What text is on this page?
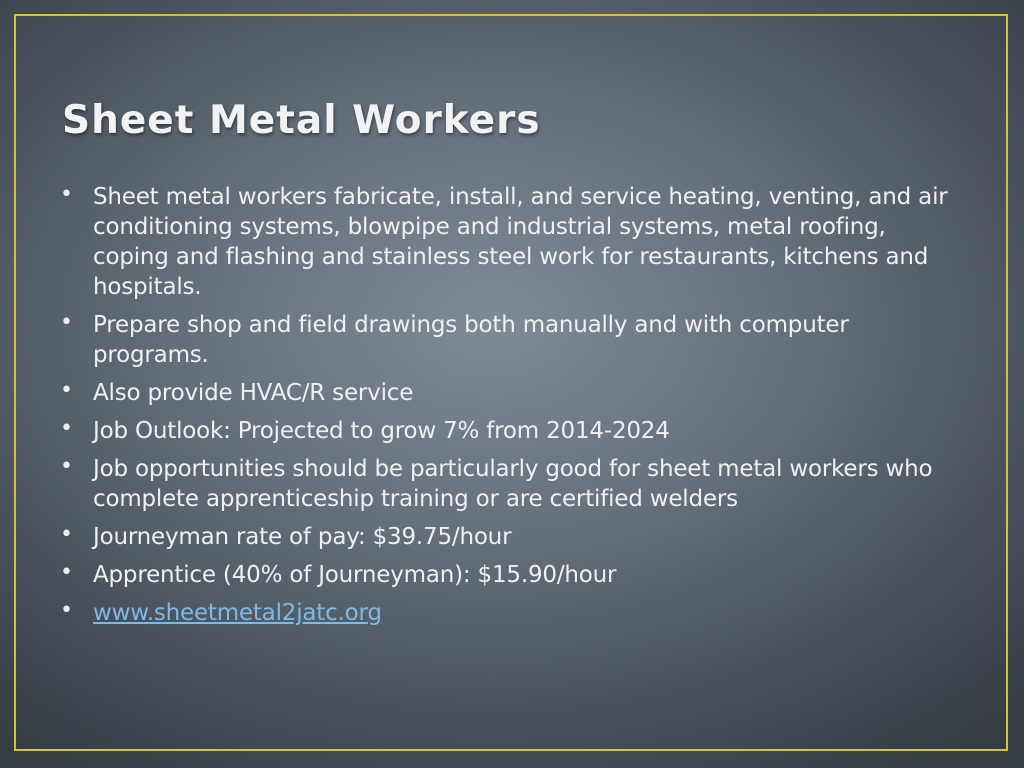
Sheet Metal Workers
• Sheet metal workers fabricate, install, and service heating, venting, and air conditioning systems, blowpipe and industrial systems, metal roofing, coping and flashing and stainless steel work for restaurants, kitchens and hospitals.
• Prepare shop and field drawings both manually and with computer programs.
• Also provide HVAC/R service
• Job Outlook: Projected to grow 7% from 2014-2024
• Job opportunities should be particularly good for sheet metal workers who complete apprenticeship training or are certified welders
• Journeyman rate of pay: $39.75/hour
• Apprentice (40% of Journeyman): $15.90/hour
• www.sheetmetal2jatc.org
